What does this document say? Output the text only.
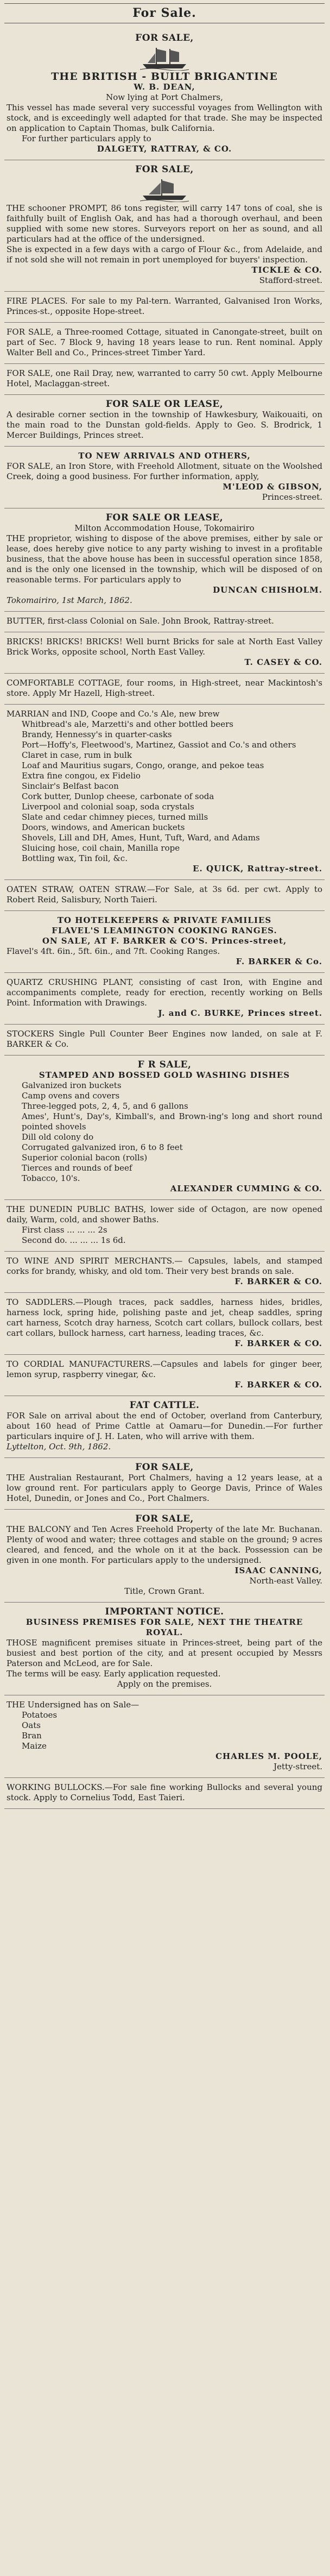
For Sale.

FOR SALE,

THE BRITISH - BUILT BRIGANTINE

W. B. DEAN,

Now lying at Port Chalmers,

This vessel has made several very successful voyages from Wellington with stock, and is exceedingly well adapted for that trade. She may be inspected on application to Captain Thomas, bulk California.

For further particulars apply to

DALGETY, RATTRAY, & CO.

FOR SALE,

THE schooner PROMPT, 86 tons register, will carry 147 tons of coal, she is faithfully built of English Oak, and has had a thorough overhaul, and been supplied with some new stores. Surveyors report on her as sound, and all particulars had at the office of the undersigned.

She is expected in a few days with a cargo of Flour &c., from Adelaide, and if not sold she will not remain in port unemployed for buyers' inspection.

TICKLE & CO.

Stafford-street.

FIRE PLACES. For sale to my Pal-tern. Warranted, Galvanised Iron Works, Princes-st., opposite Hope-street.

FOR SALE, a Three-roomed Cottage, situated in Canongate-street, built on part of Sec. 7 Block 9, having 18 years lease to run. Rent nominal. Apply Walter Bell and Co., Princes-street Timber Yard.

FOR SALE, one Rail Dray, new, warranted to carry 50 cwt. Apply Melbourne Hotel, Maclaggan-street.

FOR SALE OR LEASE,

A desirable corner section in the township of Hawkesbury, Waikouaiti, on the main road to the Dunstan gold-fields. Apply to Geo. S. Brodrick, 1 Mercer Buildings, Princes street.

TO NEW ARRIVALS AND OTHERS,

FOR SALE, an Iron Store, with Freehold Allotment, situate on the Woolshed Creek, doing a good business. For further information, apply,

M'LEOD & GIBSON,

Princes-street.

FOR SALE OR LEASE,

Milton Accommodation House, Tokomairiro

THE proprietor, wishing to dispose of the above premises, either by sale or lease, does hereby give notice to any party wishing to invest in a profitable business, that the above house has been in successful operation since 1858, and is the only one licensed in the township, which will be disposed of on reasonable terms. For particulars apply to

DUNCAN CHISHOLM.

Tokomairiro, 1st March, 1862.

BUTTER, first-class Colonial on Sale. John Brook, Rattray-street.

BRICKS! BRICKS! BRICKS! Well burnt Bricks for sale at North East Valley Brick Works, opposite school, North East Valley.

T. CASEY & CO.

COMFORTABLE COTTAGE, four rooms, in High-street, near Mackintosh's store. Apply Mr Hazell, High-street.

MARRIAN and IND, Coope and Co.'s Ale, new brew

Whitbread's ale, Marzetti's and other bottled beers

Brandy, Hennessy's in quarter-casks

Port—Hoffy's, Fleetwood's, Martinez, Gassiot and Co.'s and others

Claret in case, rum in bulk

Loaf and Mauritius sugars, Congo, orange, and pekoe teas

Extra fine congou, ex Fidelio

Sinclair's Belfast bacon

Cork butter, Dunlop cheese, carbonate of soda

Liverpool and colonial soap, soda crystals

Slate and cedar chimney pieces, turned mills

Doors, windows, and American buckets

Shovels, Lill and DH, Ames, Hunt, Tuft, Ward, and Adams

Sluicing hose, coil chain, Manilla rope

Bottling wax, Tin foil, &c.

E. QUICK, Rattray-street.

OATEN STRAW, OATEN STRAW.—For Sale, at 3s 6d. per cwt. Apply to Robert Reid, Salisbury, North Taieri.

TO HOTELKEEPERS & PRIVATE FAMILIES

FLAVEL'S LEAMINGTON COOKING RANGES.

ON SALE, AT F. BARKER & CO'S. Princes-street,

Flavel's 4ft. 6in., 5ft. 6in., and 7ft. Cooking Ranges.

F. BARKER & Co.

QUARTZ CRUSHING PLANT, consisting of cast Iron, with Engine and accompaniments complete, ready for erection, recently working on Bells Point. Information with Drawings.

J. and C. BURKE, Princes street.

STOCKERS Single Pull Counter Beer Engines now landed, on sale at F. BARKER & Co.

F R SALE,

STAMPED AND BOSSED GOLD WASHING DISHES

Galvanized iron buckets

Camp ovens and covers

Three-legged pots, 2, 4, 5, and 6 gallons

Ames', Hunt's, Day's, Kimball's, and Brown-ing's long and short round pointed shovels

Dill old colony do

Corrugated galvanized iron, 6 to 8 feet

Superior colonial bacon (rolls)

Tierces and rounds of beef

Tobacco, 10's.

ALEXANDER CUMMING & CO.

THE DUNEDIN PUBLIC BATHS, lower side of Octagon, are now opened daily, Warm, cold, and shower Baths.

First class ... ... ... 2s

Second do. ... ... ... 1s 6d.

TO WINE AND SPIRIT MERCHANTS.— Capsules, labels, and stamped corks for brandy, whisky, and old tom. Their very best brands on sale.

F. BARKER & CO.

TO SADDLERS.—Plough traces, pack saddles, harness hides, bridles, harness lock, spring hide, polishing paste and jet, cheap saddles, spring cart harness, Scotch dray harness, Scotch cart collars, bullock collars, best cart collars, bullock harness, cart harness, leading traces, &c.

F. BARKER & CO.

TO CORDIAL MANUFACTURERS.—Capsules and labels for ginger beer, lemon syrup, raspberry vinegar, &c.

F. BARKER & CO.

FAT CATTLE.

FOR Sale on arrival about the end of October, overland from Canterbury, about 160 head of Prime Cattle at Oamaru—for Dunedin.—For further particulars inquire of J. H. Laten, who will arrive with them.

Lyttelton, Oct. 9th, 1862.

FOR SALE,

THE Australian Restaurant, Port Chalmers, having a 12 years lease, at a low ground rent. For particulars apply to George Davis, Prince of Wales Hotel, Dunedin, or Jones and Co., Port Chalmers.

FOR SALE,

THE BALCONY and Ten Acres Freehold Property of the late Mr. Buchanan. Plenty of wood and water; three cottages and stable on the ground; 9 acres cleared, and fenced, and the whole on it at the back. Possession can be given in one month. For particulars apply to the undersigned.

ISAAC CANNING,

North-east Valley.

Title, Crown Grant.

IMPORTANT NOTICE.

BUSINESS PREMISES FOR SALE, NEXT THE THEATRE ROYAL.

THOSE magnificent premises situate in Princes-street, being part of the busiest and best portion of the city, and at present occupied by Messrs Paterson and McLeod, are for Sale.

The terms will be easy. Early application requested.

Apply on the premises.

THE Undersigned has on Sale—

Potatoes

Oats

Bran

Maize

CHARLES M. POOLE,

Jetty-street.

WORKING BULLOCKS.—For sale fine working Bullocks and several young stock. Apply to Cornelius Todd, East Taieri.
